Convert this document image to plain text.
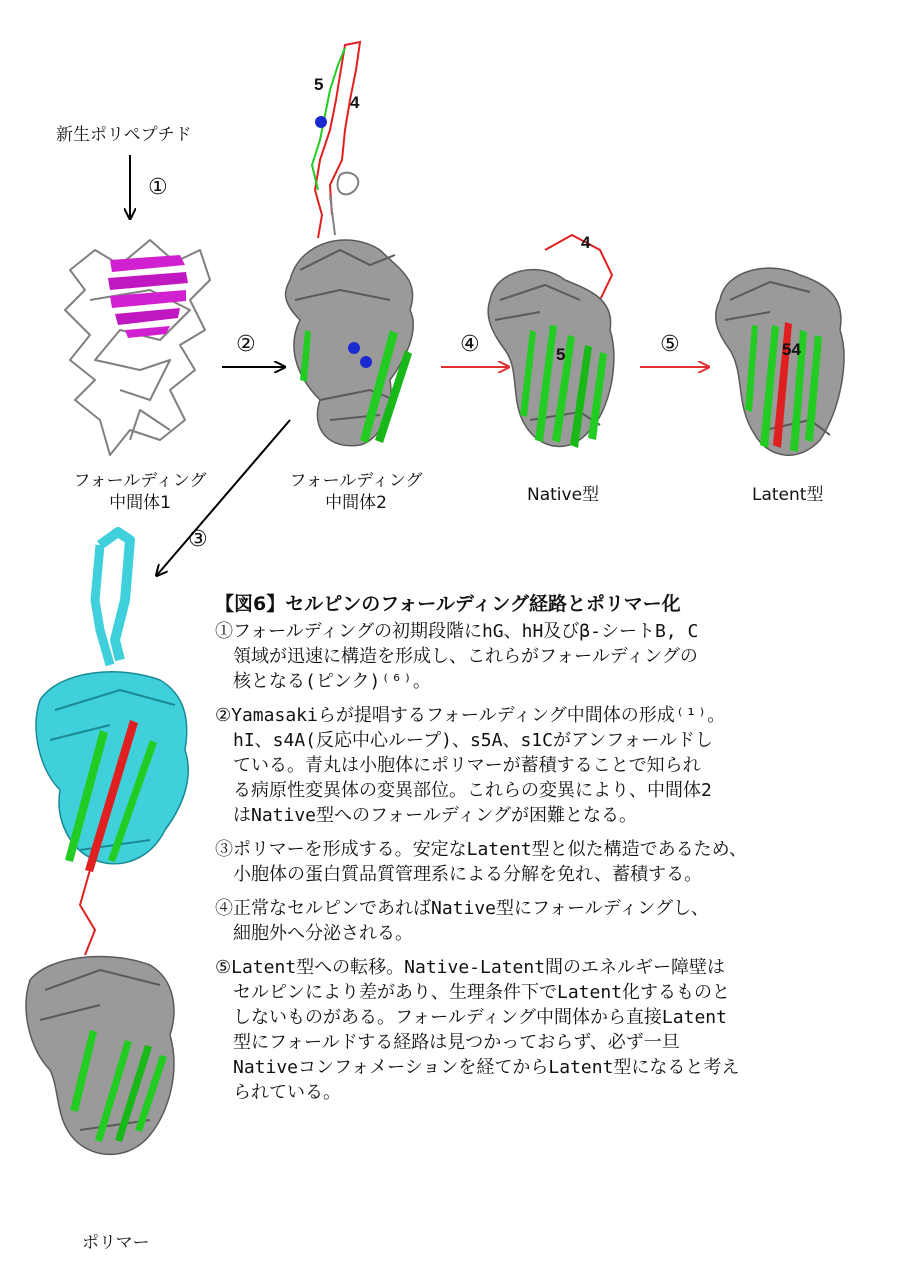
新生ポリペプチド
①
フォールディング
中間体1
②
フォールディング
中間体2
③
④	⑤
Native型	Latent型
ポリマー
5
4
4
5	54
【図6】セルピンのフォールディング経路とポリマー化
①フォールディングの初期段階にhG、hH及びβ-シートB, C
　領域が迅速に構造を形成し、これらがフォールディングの
　核となる(ピンク)⁽⁶⁾。
②Yamasakiらが提唱するフォールディング中間体の形成⁽¹⁾。
　hI、s4A(反応中心ループ)、s5A、s1Cがアンフォールドし
　ている。青丸は小胞体にポリマーが蓄積することで知られ
　る病原性変異体の変異部位。これらの変異により、中間体2
　はNative型へのフォールディングが困難となる。
③ポリマーを形成する。安定なLatent型と似た構造であるため、
　小胞体の蛋白質品質管理系による分解を免れ、蓄積する。
④正常なセルピンであればNative型にフォールディングし、
　細胞外へ分泌される。
⑤Latent型への転移。Native-Latent間のエネルギー障壁は
　セルピンにより差があり、生理条件下でLatent化するものと
　しないものがある。フォールディング中間体から直接Latent
　型にフォールドする経路は見つかっておらず、必ず一旦
　Nativeコンフォメーションを経てからLatent型になると考え
　られている。
